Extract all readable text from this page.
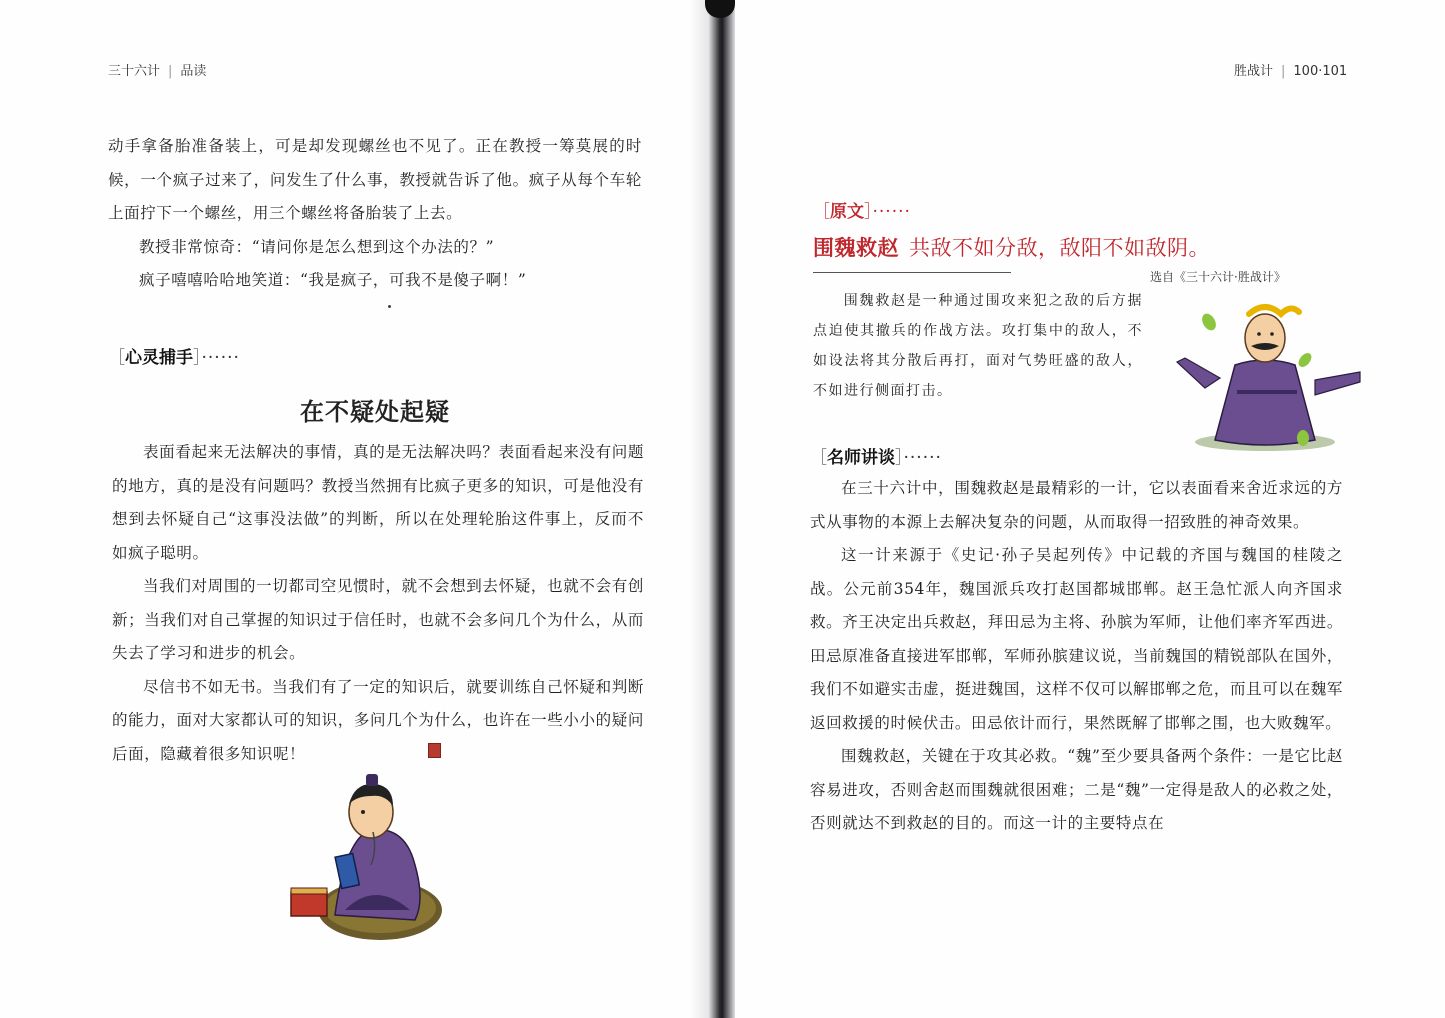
三十六计 | 品读

动手拿备胎准备装上，可是却发现螺丝也不见了。正在教授一筹莫展的时候，一个疯子过来了，问发生了什么事，教授就告诉了他。疯子从每个车轮上面拧下一个螺丝，用三个螺丝将备胎装了上去。

教授非常惊奇：“请问你是怎么想到这个办法的？”

疯子嘻嘻哈哈地笑道：“我是疯子，可我不是傻子啊！”

［心灵捕手］······
在不疑处起疑

表面看起来无法解决的事情，真的是无法解决吗？表面看起来没有问题的地方，真的是没有问题吗？教授当然拥有比疯子更多的知识，可是他没有想到去怀疑自己“这事没法做”的判断，所以在处理轮胎这件事上，反而不如疯子聪明。

当我们对周围的一切都司空见惯时，就不会想到去怀疑，也就不会有创新；当我们对自己掌握的知识过于信任时，也就不会多问几个为什么，从而失去了学习和进步的机会。

尽信书不如无书。当我们有了一定的知识后，就要训练自己怀疑和判断的能力，面对大家都认可的知识，多问几个为什么，也许在一些小小的疑问后面，隐藏着很多知识呢！

胜战计 | 100·101
［原文］······
围魏救赵 共敌不如分敌，敌阳不如敌阴。
选自《三十六计·胜战计》

围魏救赵是一种通过围攻来犯之敌的后方据点迫使其撤兵的作战方法。攻打集中的敌人，不如设法将其分散后再打，面对气势旺盛的敌人，不如进行侧面打击。

［名师讲谈］······

在三十六计中，围魏救赵是最精彩的一计，它以表面看来舍近求远的方式从事物的本源上去解决复杂的问题，从而取得一招致胜的神奇效果。

这一计来源于《史记·孙子吴起列传》中记载的齐国与魏国的桂陵之战。公元前354年，魏国派兵攻打赵国都城邯郸。赵王急忙派人向齐国求救。齐王决定出兵救赵，拜田忌为主将、孙膑为军师，让他们率齐军西进。田忌原准备直接进军邯郸，军师孙膑建议说，当前魏国的精锐部队在国外，我们不如避实击虚，挺进魏国，这样不仅可以解邯郸之危，而且可以在魏军返回救援的时候伏击。田忌依计而行，果然既解了邯郸之围，也大败魏军。

围魏救赵，关键在于攻其必救。“魏”至少要具备两个条件：一是它比赵容易进攻，否则舍赵而围魏就很困难；二是“魏”一定得是敌人的必救之处，否则就达不到救赵的目的。而这一计的主要特点在
